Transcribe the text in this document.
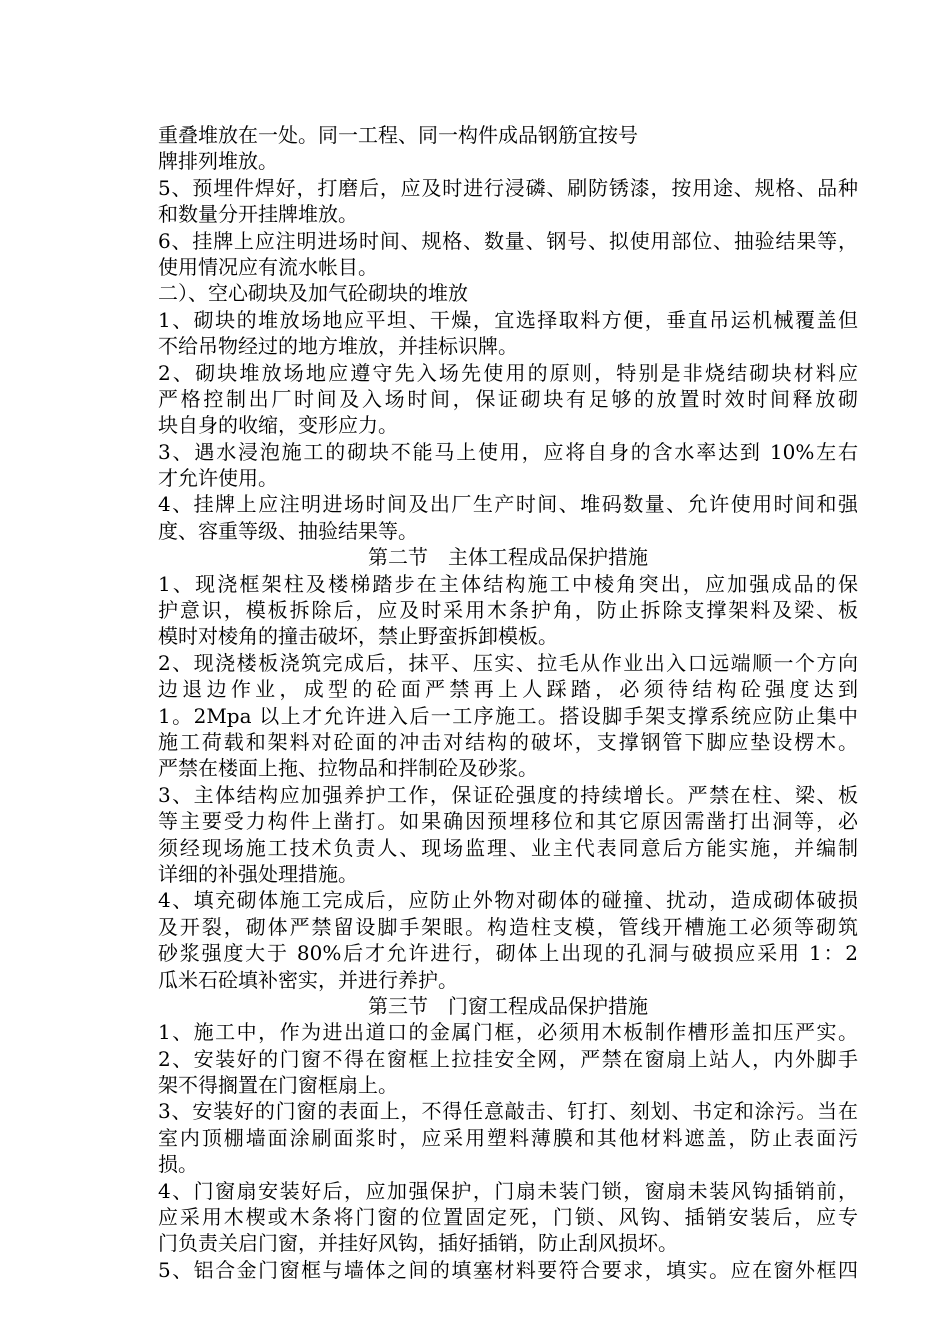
重叠堆放在一处。同一工程、同一构件成品钢筋宜按号
牌排列堆放。
5、预埋件焊好，打磨后，应及时进行浸磷、刷防锈漆，按用途、规格、品种
和数量分开挂牌堆放。
6、挂牌上应注明进场时间、规格、数量、钢号、拟使用部位、抽验结果等，
使用情况应有流水帐目。
二）、空心砌块及加气砼砌块的堆放
1、砌块的堆放场地应平坦、干燥，宜选择取料方便，垂直吊运机械覆盖但
不给吊物经过的地方堆放，并挂标识牌。
2、砌块堆放场地应遵守先入场先使用的原则，特别是非烧结砌块材料应
严格控制出厂时间及入场时间，保证砌块有足够的放置时效时间释放砌
块自身的收缩，变形应力。
3、遇水浸泡施工的砌块不能马上使用，应将自身的含水率达到 10%左右
才允许使用。
4、挂牌上应注明进场时间及出厂生产时间、堆码数量、允许使用时间和强
度、容重等级、抽验结果等。
第二节　主体工程成品保护措施
1、现浇框架柱及楼梯踏步在主体结构施工中棱角突出，应加强成品的保
护意识，模板拆除后，应及时采用木条护角，防止拆除支撑架料及梁、板
模时对棱角的撞击破坏，禁止野蛮拆卸模板。
2、现浇楼板浇筑完成后，抹平、压实、拉毛从作业出入口远端顺一个方向
边退边作业，成型的砼面严禁再上人踩踏，必须待结构砼强度达到
1。2Mpa 以上才允许进入后一工序施工。搭设脚手架支撑系统应防止集中
施工荷载和架料对砼面的冲击对结构的破坏，支撑钢管下脚应垫设楞木。
严禁在楼面上拖、拉物品和拌制砼及砂浆。
3、主体结构应加强养护工作，保证砼强度的持续增长。严禁在柱、梁、板
等主要受力构件上凿打。如果确因预埋移位和其它原因需凿打出洞等，必
须经现场施工技术负责人、现场监理、业主代表同意后方能实施，并编制
详细的补强处理措施。
4、填充砌体施工完成后，应防止外物对砌体的碰撞、扰动，造成砌体破损
及开裂，砌体严禁留设脚手架眼。构造柱支模，管线开槽施工必须等砌筑
砂浆强度大于 80%后才允许进行，砌体上出现的孔洞与破损应采用 1：2
瓜米石砼填补密实，并进行养护。
第三节　门窗工程成品保护措施
1、施工中，作为进出道口的金属门框，必须用木板制作槽形盖扣压严实。
2、安装好的门窗不得在窗框上拉挂安全网，严禁在窗扇上站人，内外脚手
架不得搁置在门窗框扇上。
3、安装好的门窗的表面上，不得任意敲击、钉打、刻划、书定和涂污。当在
室内顶棚墙面涂刷面浆时，应采用塑料薄膜和其他材料遮盖，防止表面污
损。
4、门窗扇安装好后，应加强保护，门扇未装门锁，窗扇未装风钩插销前，
应采用木楔或木条将门窗的位置固定死，门锁、风钩、插销安装后，应专
门负责关启门窗，并挂好风钩，插好插销，防止刮风损坏。
5、铝合金门窗框与墙体之间的填塞材料要符合要求，填实。应在窗外框四
